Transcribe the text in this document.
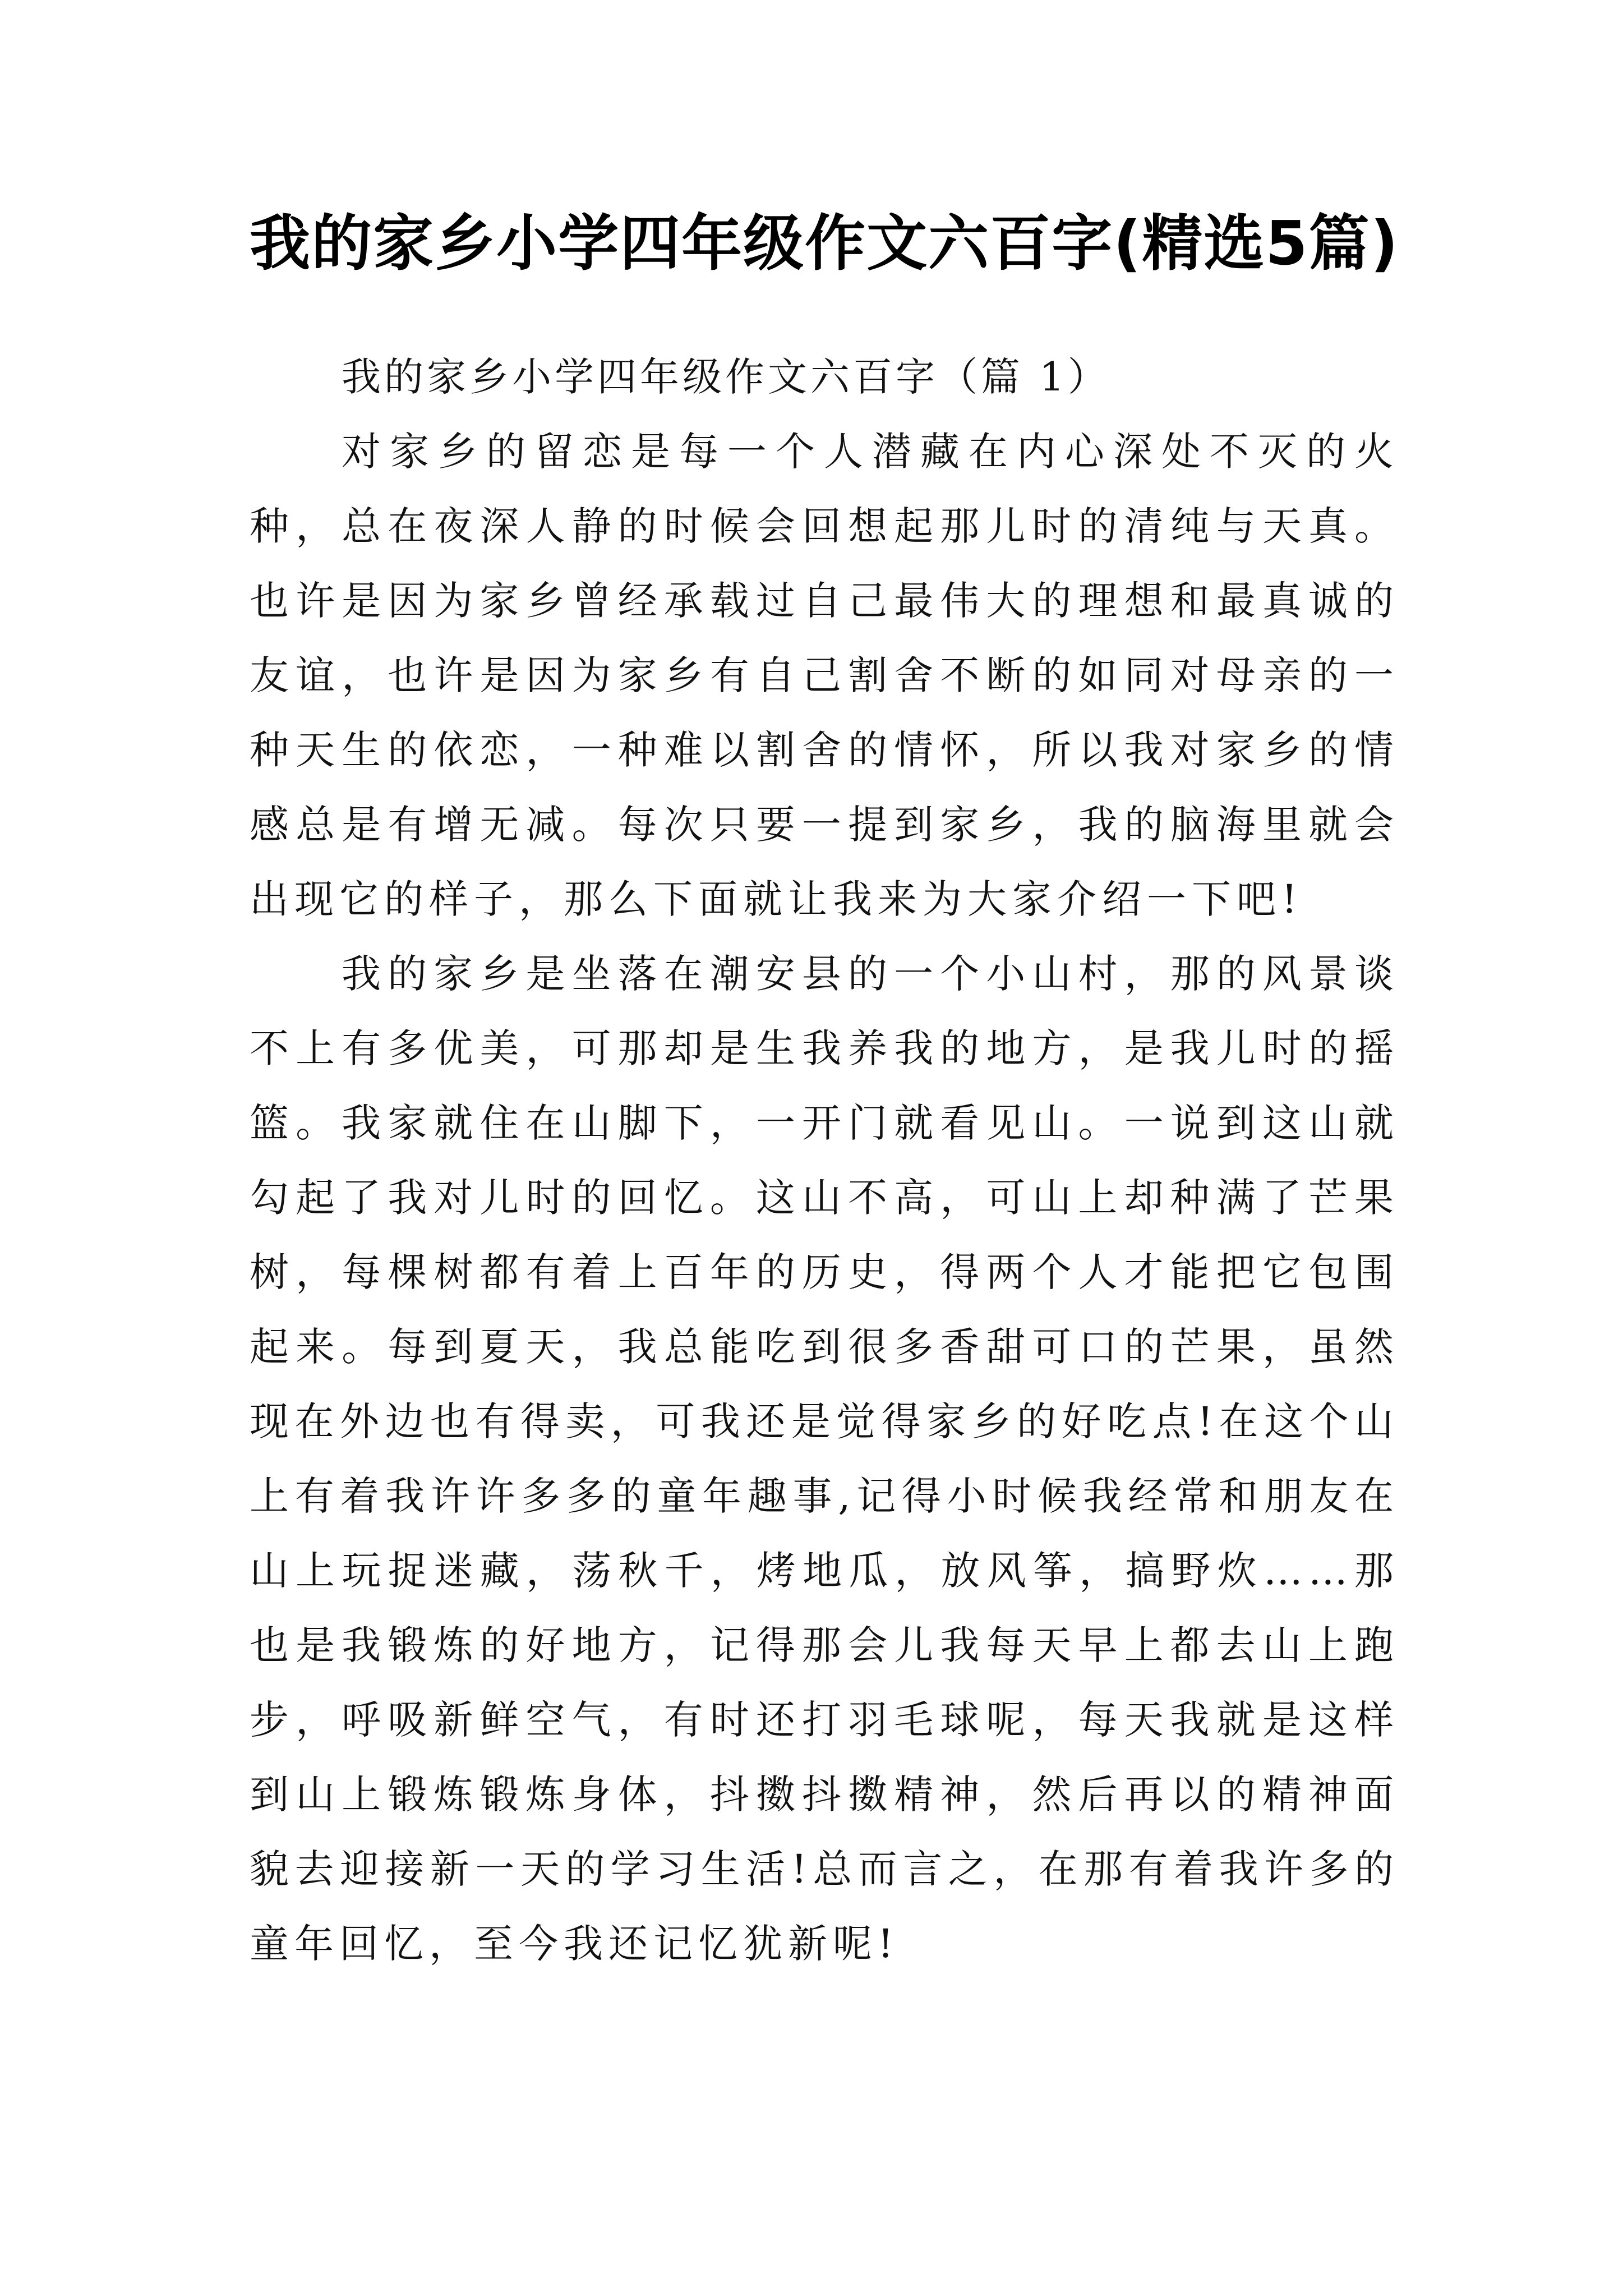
我的家乡小学四年级作文六百字(精选5篇)
我的家乡小学四年级作文六百字（篇 1）

对家乡的留恋是每一个人潜藏在内心深处不灭的火种，总在夜深人静的时候会回想起那儿时的清纯与天真。也许是因为家乡曾经承载过自己最伟大的理想和最真诚的友谊，也许是因为家乡有自己割舍不断的如同对母亲的一种天生的依恋，一种难以割舍的情怀，所以我对家乡的情感总是有增无减。每次只要一提到家乡，我的脑海里就会出现它的样子，那么下面就让我来为大家介绍一下吧!

我的家乡是坐落在潮安县的一个小山村，那的风景谈不上有多优美，可那却是生我养我的地方，是我儿时的摇篮。我家就住在山脚下，一开门就看见山。一说到这山就勾起了我对儿时的回忆。这山不高，可山上却种满了芒果树，每棵树都有着上百年的历史，得两个人才能把它包围起来。每到夏天，我总能吃到很多香甜可口的芒果，虽然现在外边也有得卖，可我还是觉得家乡的好吃点!在这个山上有着我许许多多的童年趣事,记得小时候我经常和朋友在山上玩捉迷藏，荡秋千，烤地瓜，放风筝，搞野炊……那也是我锻炼的好地方，记得那会儿我每天早上都去山上跑步，呼吸新鲜空气，有时还打羽毛球呢，每天我就是这样到山上锻炼锻炼身体，抖擞抖擞精神，然后再以的精神面貌去迎接新一天的学习生活!总而言之，在那有着我许多的童年回忆，至今我还记忆犹新呢!
